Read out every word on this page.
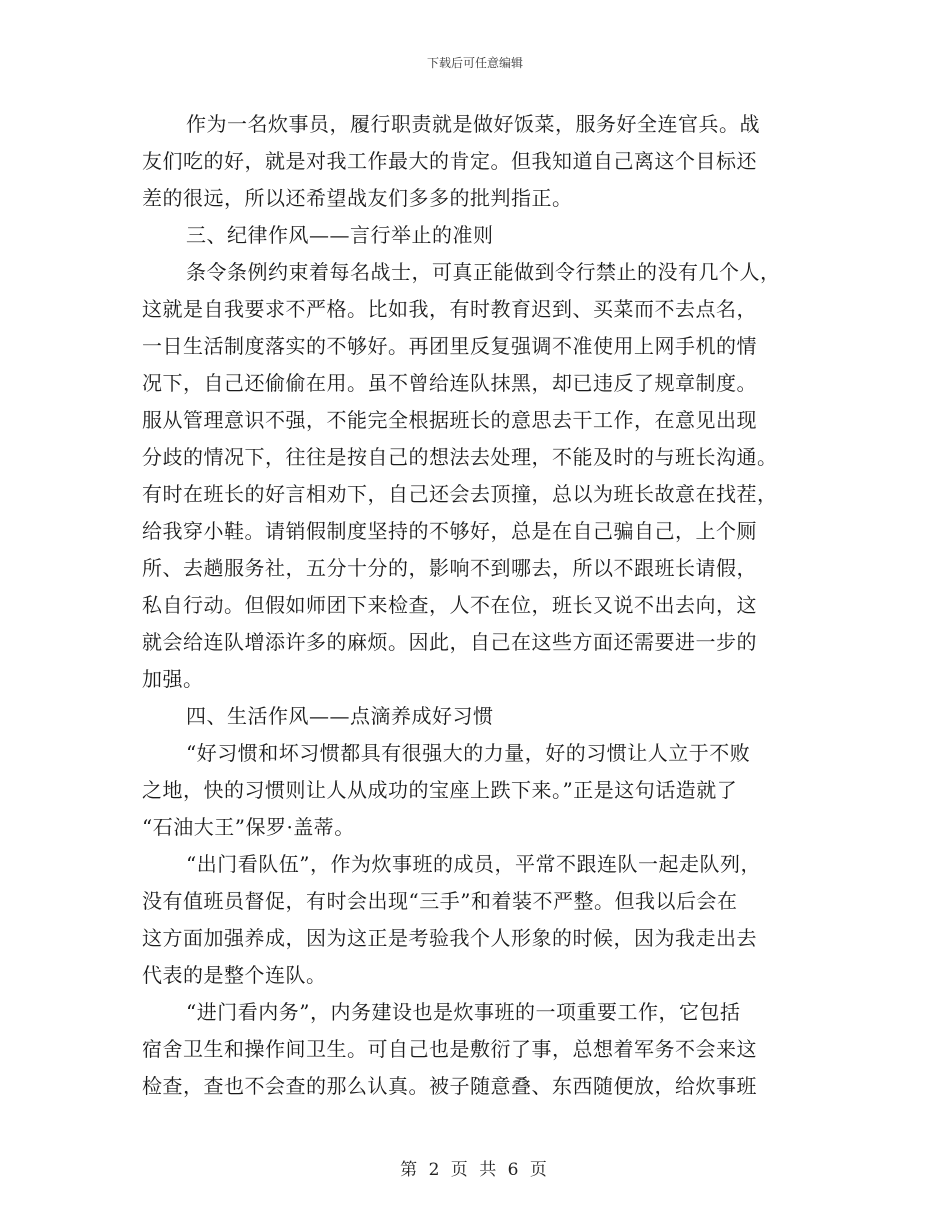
下载后可任意编辑
作为一名炊事员，履行职责就是做好饭菜，服务好全连官兵。战
友们吃的好，就是对我工作最大的肯定。但我知道自己离这个目标还
差的很远，所以还希望战友们多多的批判指正。
三、纪律作风——言行举止的准则
条令条例约束着每名战士，可真正能做到令行禁止的没有几个人，
这就是自我要求不严格。比如我，有时教育迟到、买菜而不去点名，
一日生活制度落实的不够好。再团里反复强调不准使用上网手机的情
况下，自己还偷偷在用。虽不曾给连队抹黑，却已违反了规章制度。
服从管理意识不强，不能完全根据班长的意思去干工作，在意见出现
分歧的情况下，往往是按自己的想法去处理，不能及时的与班长沟通。
有时在班长的好言相劝下，自己还会去顶撞，总以为班长故意在找茬，
给我穿小鞋。请销假制度坚持的不够好，总是在自己骗自己，上个厕
所、去趟服务社，五分十分的，影响不到哪去，所以不跟班长请假，
私自行动。但假如师团下来检查，人不在位，班长又说不出去向，这
就会给连队增添许多的麻烦。因此，自己在这些方面还需要进一步的
加强。
四、生活作风——点滴养成好习惯
“好习惯和坏习惯都具有很强大的力量，好的习惯让人立于不败
之地，快的习惯则让人从成功的宝座上跌下来。”正是这句话造就了
“石油大王”保罗·盖蒂。
“出门看队伍”，作为炊事班的成员，平常不跟连队一起走队列，
没有值班员督促，有时会出现“三手”和着装不严整。但我以后会在
这方面加强养成，因为这正是考验我个人形象的时候，因为我走出去
代表的是整个连队。
“进门看内务”，内务建设也是炊事班的一项重要工作，它包括
宿舍卫生和操作间卫生。可自己也是敷衍了事，总想着军务不会来这
检查，查也不会查的那么认真。被子随意叠、东西随便放，给炊事班
第 2 页 共 6 页
